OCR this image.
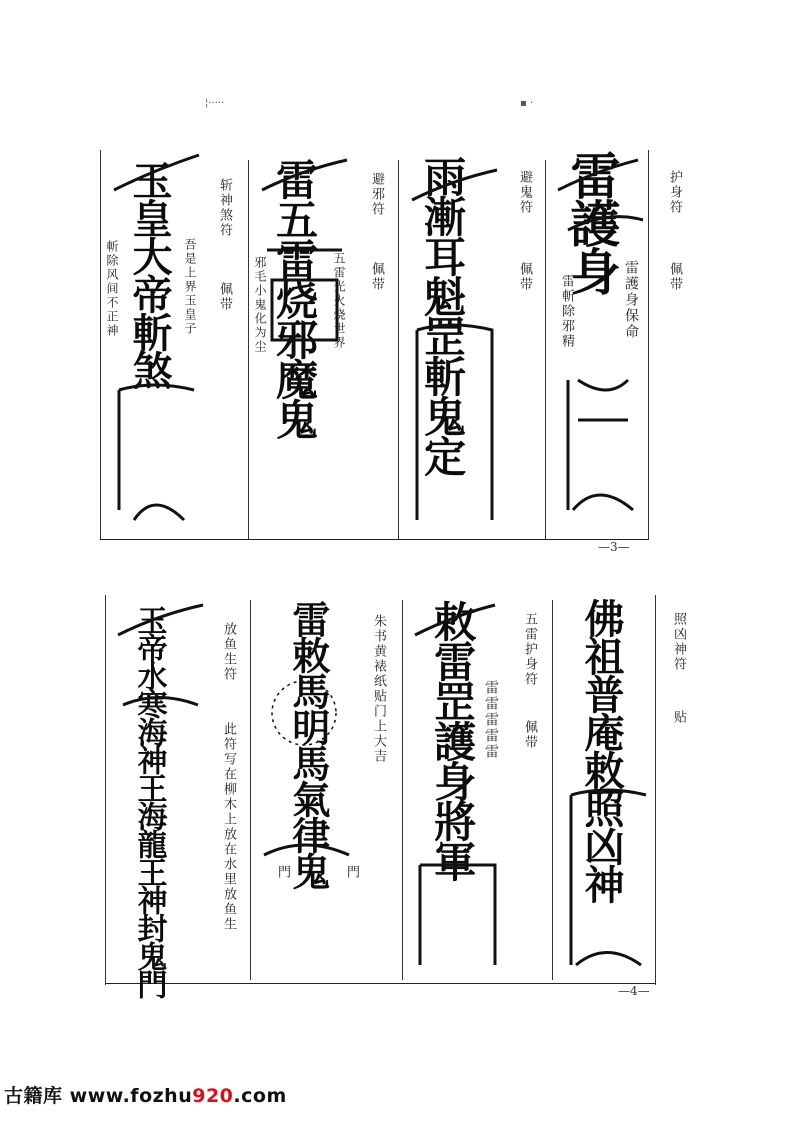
¦·····	▪ ·
护身符
佩带
雷護身保命
雷斬除邪精
雷護身
避鬼符
佩带
雨漸耳魁罡斬鬼定
避邪符
佩带
五雷光火烧世界
邪毛小鬼化为尘 雷五雷烧邪魔鬼
斩神煞符
佩带
吾是上界玉皇子
斬除风间不正神 玉皇大帝斬煞
—3—
照凶神符
贴
佛祖普庵敕照凶神
五雷护身符
佩带
敕雷罡護身將軍 雷雷雷雷雷
朱书黄裱纸贴门上大吉
雷敕馬明馬氣律鬼
門	門
放鱼生符
此符写在柳木上放在水里放鱼生
玉帝水寒海神王海龍王神封鬼門	—4—
古籍库 www.fozhu920.com
